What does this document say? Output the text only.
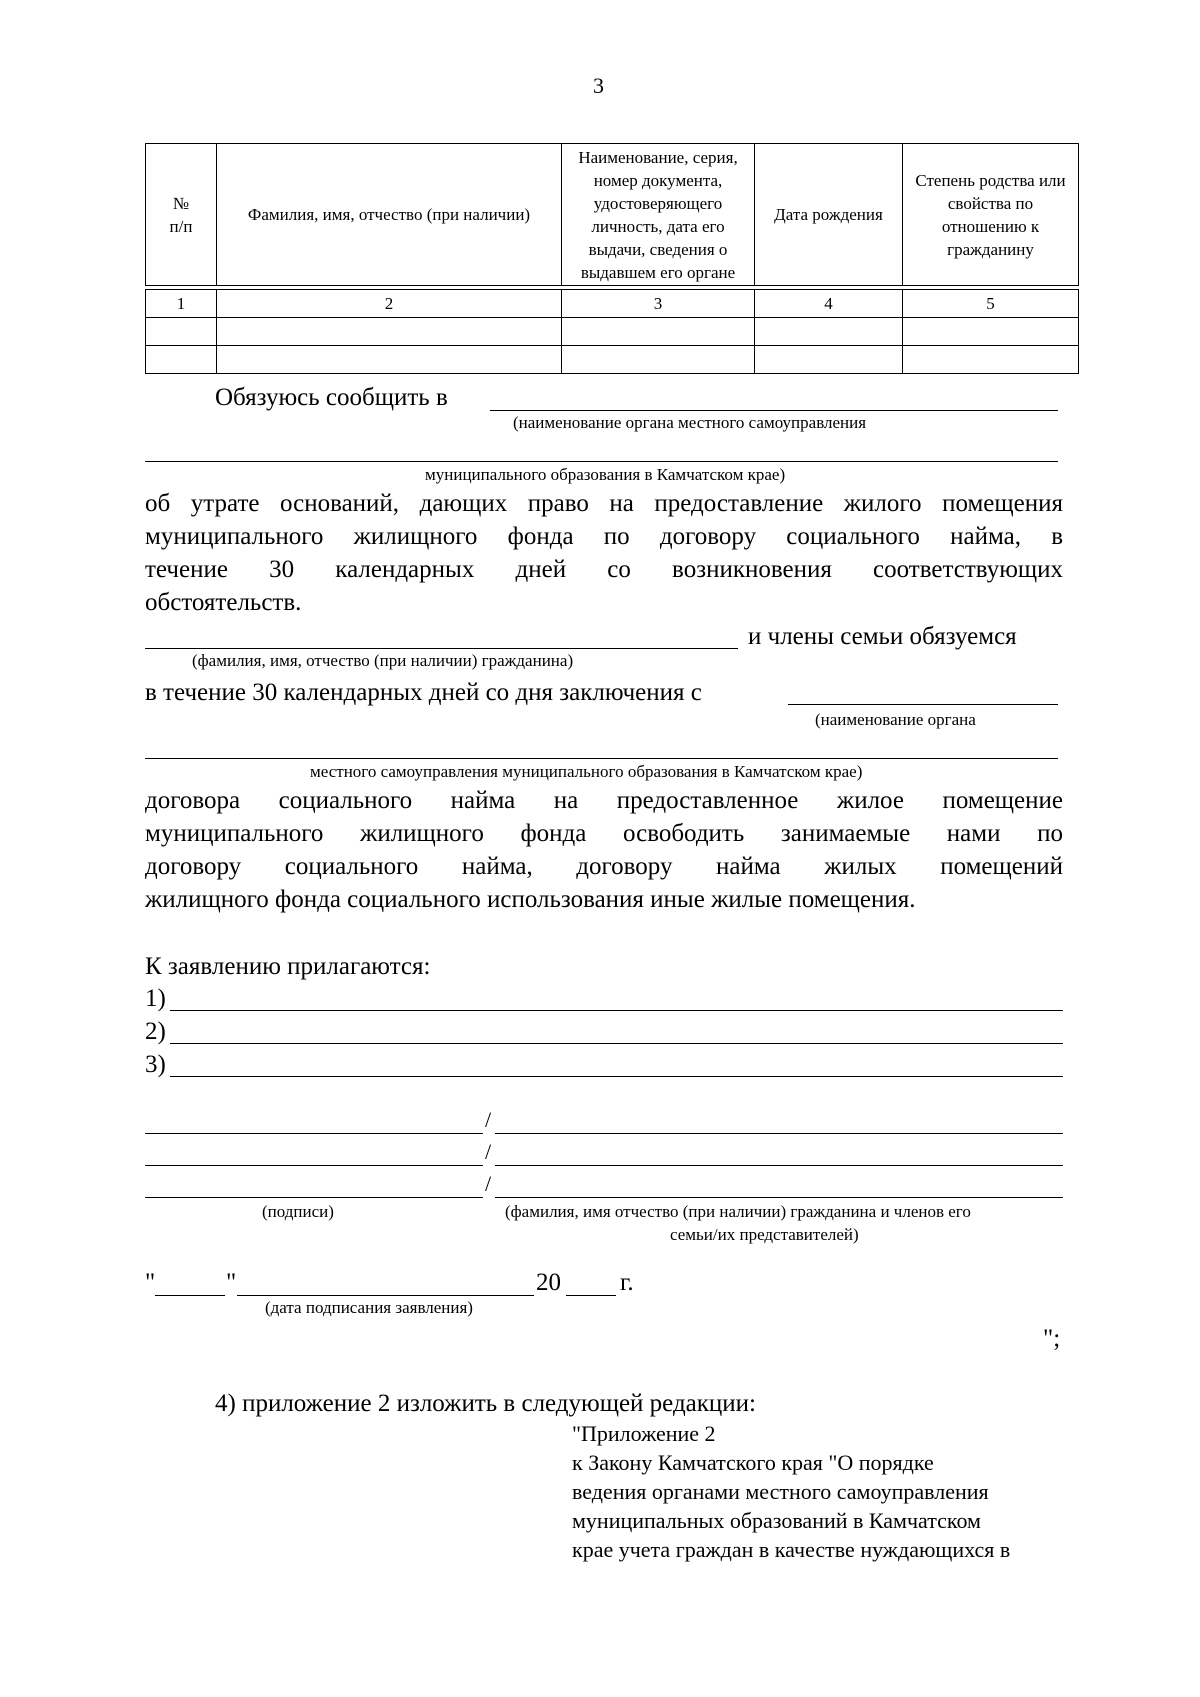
3
№
п/п	Фамилия, имя, отчество (при наличии)	Наименование, серия, номер документа, удостоверяющего личность, дата его выдачи, сведения о выдавшем его органе	Дата рождения	Степень родства или свойства по отношению к гражданину

1	2	3	4	5

Обязуюсь сообщить в
(наименование органа местного самоуправления
муниципального образования в Камчатском крае)
об утрате оснований, дающих право на предоставление жилого помещения
муниципального жилищного фонда по договору социального найма, в
течение 30 календарных дней со возникновения соответствующих
обстоятельств.
и члены семьи обязуемся
(фамилия, имя, отчество (при наличии) гражданина)
в течение 30 календарных дней со дня заключения с
(наименование органа
местного самоуправления муниципального образования в Камчатском крае)
договора социального найма на предоставленное жилое помещение
муниципального жилищного фонда освободить занимаемые нами по
договору социального найма, договору найма жилых помещений
жилищного фонда социального использования иные жилые помещения.
К заявлению прилагаются:
1)
2)
3)
/
/
/
(подписи)	(фамилия, имя отчество (при наличии) гражданина и членов его
семьи/их представителей)
"	"	20 г.
(дата подписания заявления)
";
4) приложение 2 изложить в следующей редакции:
"Приложение 2
к Закону Камчатского края "О порядке
ведения органами местного самоуправления
муниципальных образований в Камчатском
крае учета граждан в качестве нуждающихся в
